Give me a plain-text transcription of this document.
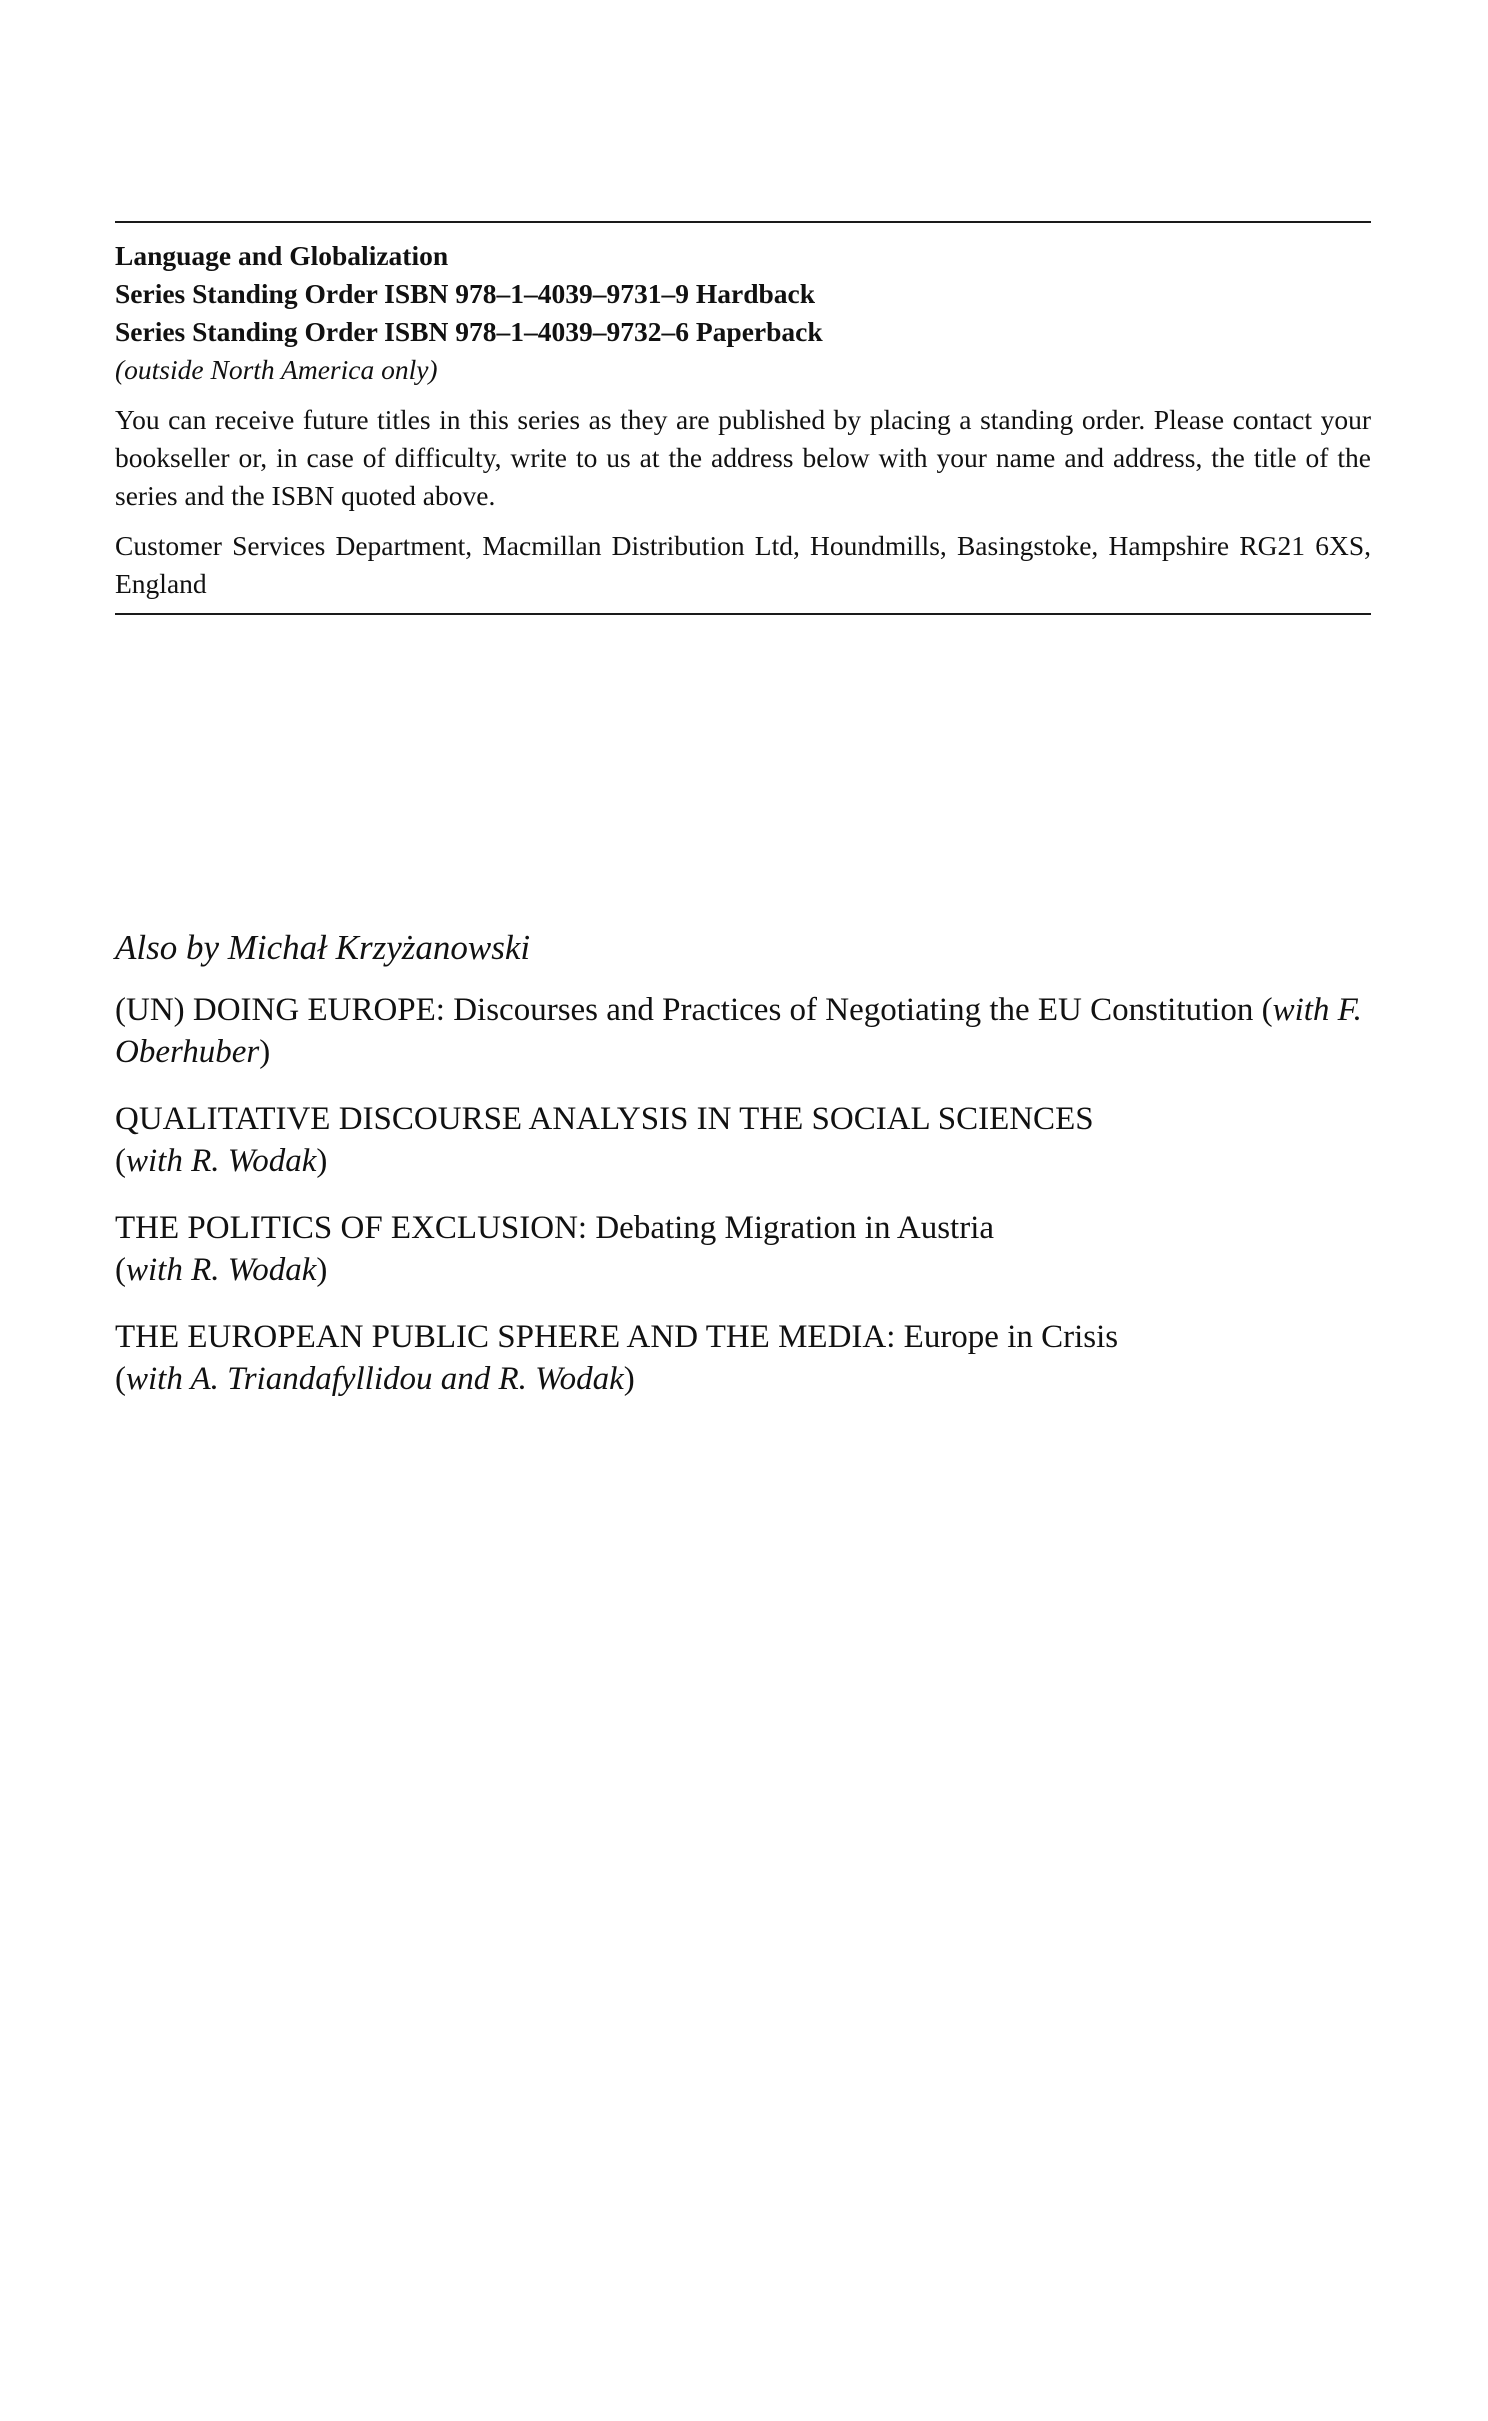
Language and Globalization
Series Standing Order ISBN 978–1–4039–9731–9 Hardback
Series Standing Order ISBN 978–1–4039–9732–6 Paperback
(outside North America only)
You can receive future titles in this series as they are published by placing a standing order. Please contact your bookseller or, in case of difficulty, write to us at the address below with your name and address, the title of the series and the ISBN quoted above.
Customer Services Department, Macmillan Distribution Ltd, Houndmills, Basingstoke, Hampshire RG21 6XS, England
Also by Michał Krzyżanowski
(UN) DOING EUROPE: Discourses and Practices of Negotiating the EU Constitution (with F. Oberhuber)
QUALITATIVE DISCOURSE ANALYSIS IN THE SOCIAL SCIENCES
(with R. Wodak)
THE POLITICS OF EXCLUSION: Debating Migration in Austria
(with R. Wodak)
THE EUROPEAN PUBLIC SPHERE AND THE MEDIA: Europe in Crisis
(with A. Triandafyllidou and R. Wodak)
